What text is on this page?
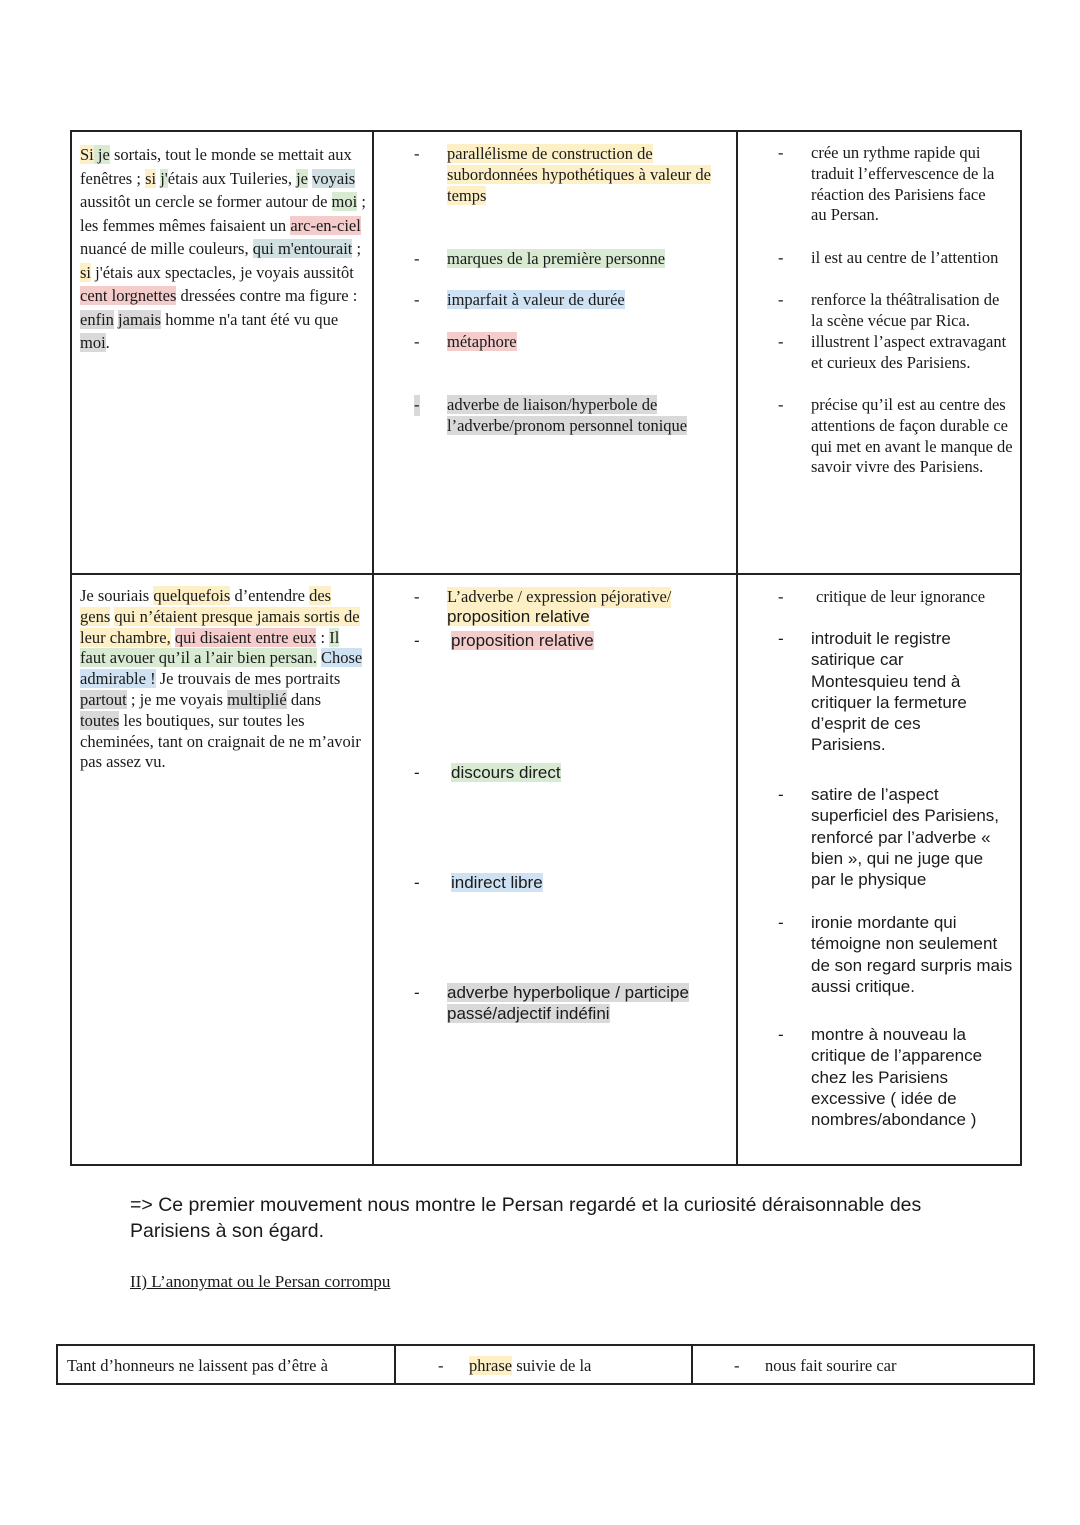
Si je sortais, tout le monde se mettait aux fenêtres ; si j'étais aux Tuileries, je voyais aussitôt un cercle se former autour de moi ; les femmes mêmes faisaient un arc-en-ciel nuancé de mille couleurs, qui m'entourait ; si j'étais aux spectacles, je voyais aussitôt cent lorgnettes dressées contre ma figure : enfin jamais homme n'a tant été vu que moi.
- parallélisme de construction de subordonnées hypothétiques à valeur de temps
- marques de la première personne
- imparfait à valeur de durée
- métaphore
- adverbe de liaison/hyperbole de l’adverbe/pronom personnel tonique
- crée un rythme rapide qui traduit l’effervescence de la réaction des Parisiens face au Persan.
- il est au centre de l’attention
- renforce la théâtralisation de la scène vécue par Rica.
- illustrent l’aspect extravagant et curieux des Parisiens.
- précise qu’il est au centre des attentions de façon durable ce qui met en avant le manque de savoir vivre des Parisiens.
Je souriais quelquefois d’entendre des gens qui n’étaient presque jamais sortis de leur chambre, qui disaient entre eux : Il faut avouer qu’il a l’air bien persan. Chose admirable ! Je trouvais de mes portraits partout ; je me voyais multiplié dans toutes les boutiques, sur toutes les cheminées, tant on craignait de ne m’avoir pas assez vu.
- L’adverbe / expression péjorative/
proposition relative
- proposition relative
- discours direct
- indirect libre
- adverbe hyperbolique / participe passé/adjectif indéfini
- critique de leur ignorance
- introduit le registre satirique car Montesquieu tend à critiquer la fermeture d’esprit de ces Parisiens.
- satire de l’aspect superficiel des Parisiens, renforcé par l’adverbe « bien », qui ne juge que par le physique
- ironie mordante qui témoigne non seulement de son regard surpris mais aussi critique.
- montre à nouveau la critique de l’apparence chez les Parisiens excessive ( idée de nombres/abondance )
=> Ce premier mouvement nous montre le Persan regardé et la curiosité déraisonnable des Parisiens à son égard.
II) L’anonymat ou le Persan corrompu
Tant d’honneurs ne laissent pas d’être à	- phrase suivie de la	- nous fait sourire car
